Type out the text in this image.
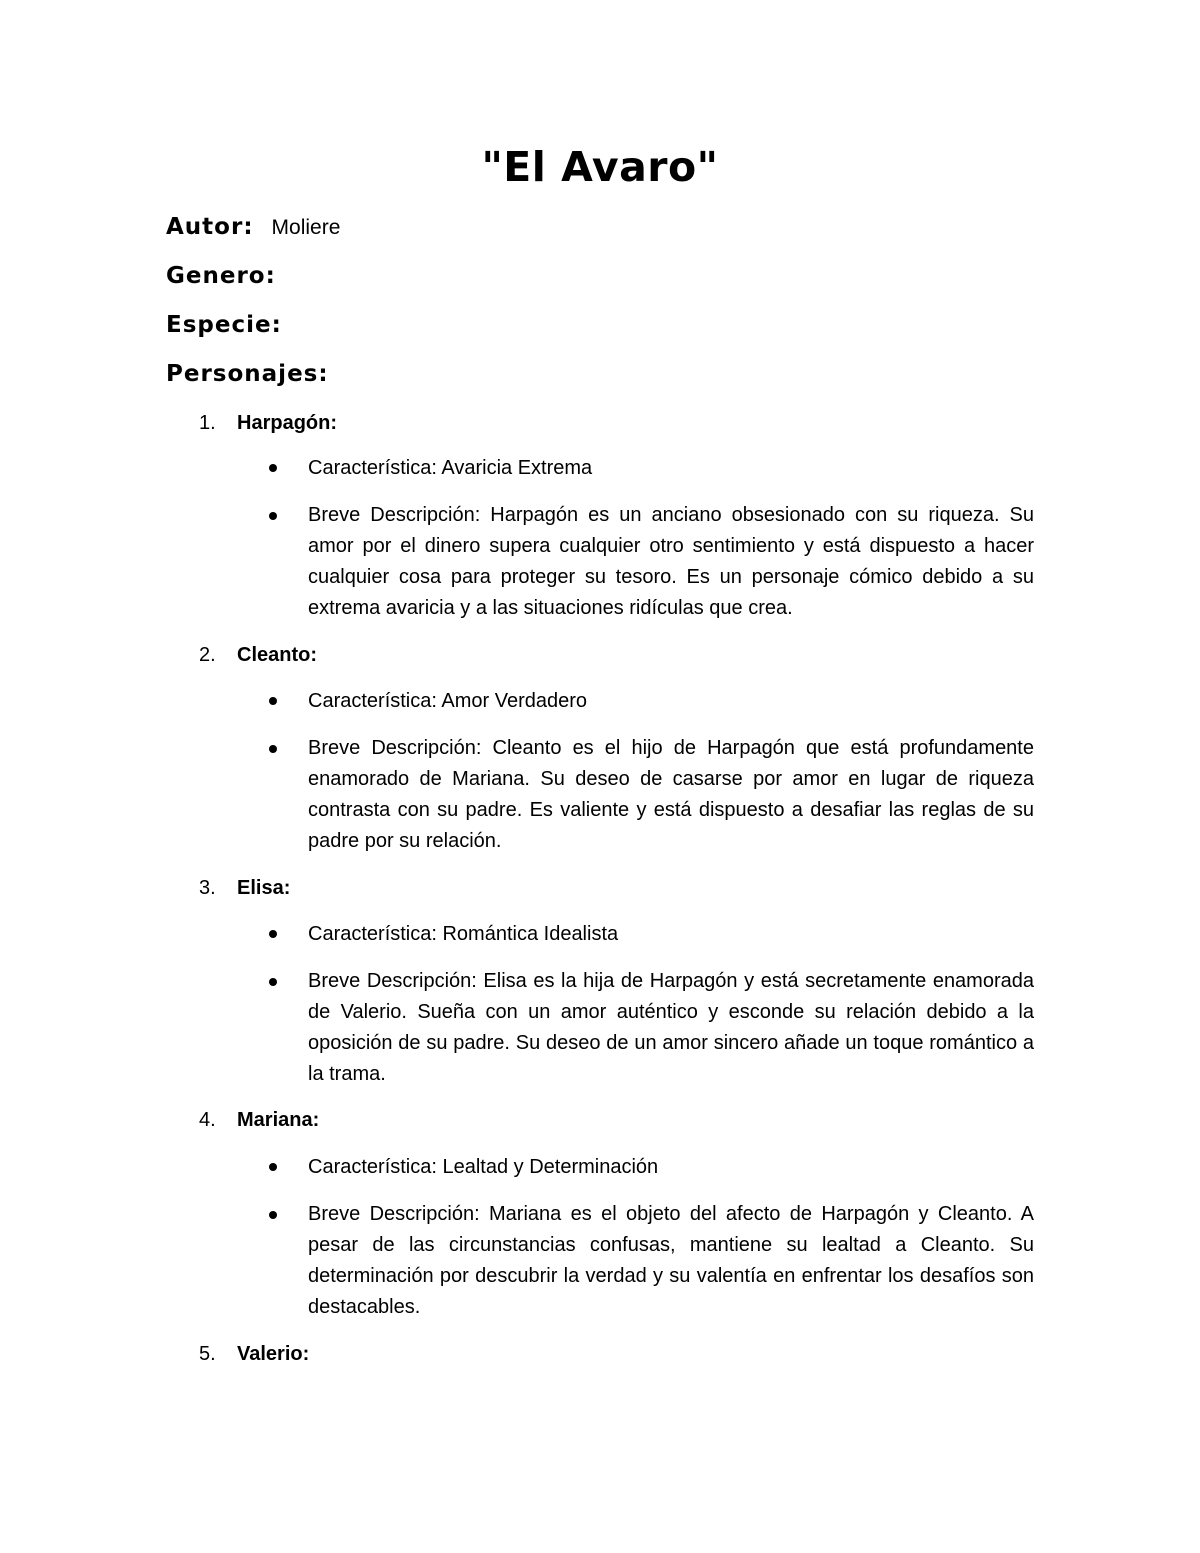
"El Avaro"
Autor: Moliere
Genero:
Especie:
Personajes:
1. Harpagón:
Característica: Avaricia Extrema
Breve Descripción: Harpagón es un anciano obsesionado con su riqueza. Su amor por el dinero supera cualquier otro sentimiento y está dispuesto a hacer cualquier cosa para proteger su tesoro. Es un personaje cómico debido a su extrema avaricia y a las situaciones ridículas que crea.
2. Cleanto:
Característica: Amor Verdadero
Breve Descripción: Cleanto es el hijo de Harpagón que está profundamente enamorado de Mariana. Su deseo de casarse por amor en lugar de riqueza contrasta con su padre. Es valiente y está dispuesto a desafiar las reglas de su padre por su relación.
3. Elisa:
Característica: Romántica Idealista
Breve Descripción: Elisa es la hija de Harpagón y está secretamente enamorada de Valerio. Sueña con un amor auténtico y esconde su relación debido a la oposición de su padre. Su deseo de un amor sincero añade un toque romántico a la trama.
4. Mariana:
Característica: Lealtad y Determinación
Breve Descripción: Mariana es el objeto del afecto de Harpagón y Cleanto. A pesar de las circunstancias confusas, mantiene su lealtad a Cleanto. Su determinación por descubrir la verdad y su valentía en enfrentar los desafíos son destacables.
5. Valerio:
